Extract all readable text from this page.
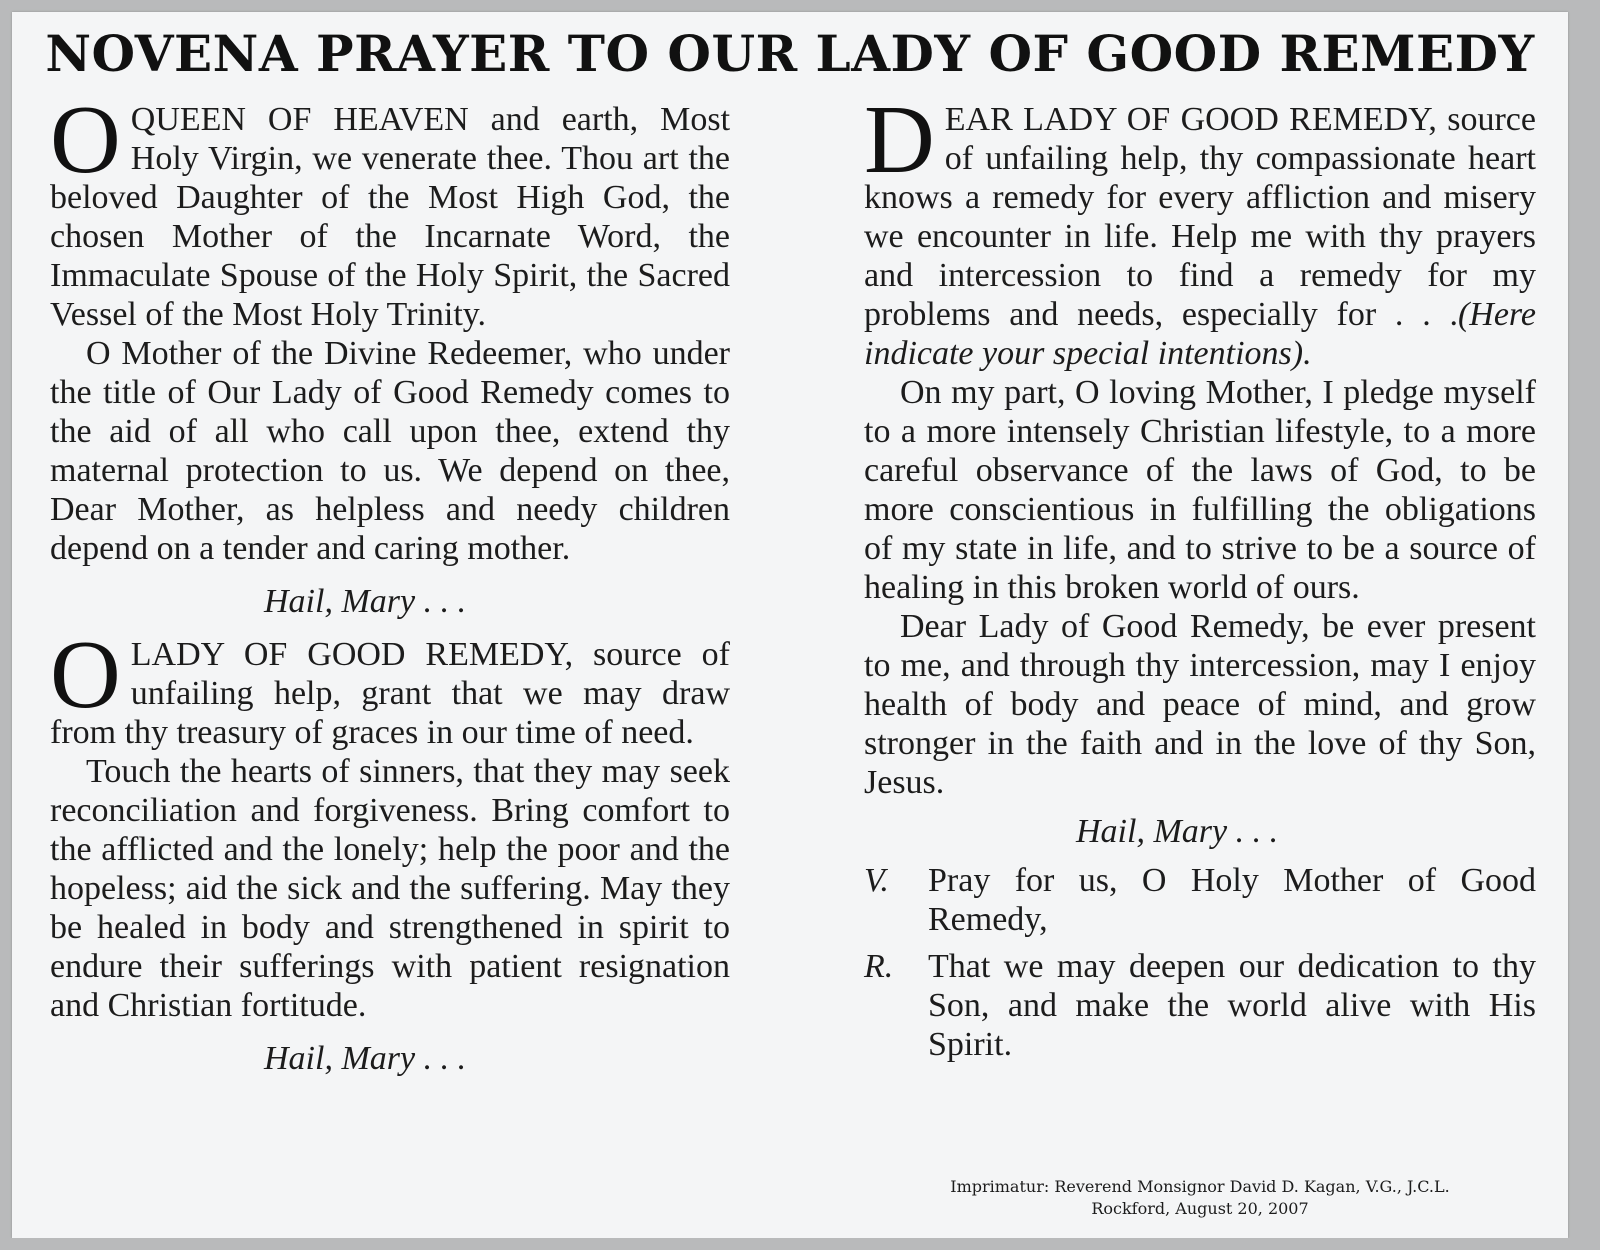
NOVENA PRAYER TO OUR LADY OF GOOD REMEDY

OQUEEN OF HEAVEN and earth, Most Holy Virgin, we venerate thee. Thou art the beloved Daughter of the Most High God, the chosen Mother of the Incarnate Word, the Immaculate Spouse of the Holy Spirit, the Sacred Vessel of the Most Holy Trinity.

O Mother of the Divine Redeemer, who under the title of Our Lady of Good Remedy comes to the aid of all who call upon thee, extend thy maternal protection to us. We depend on thee, Dear Mother, as helpless and needy children depend on a tender and caring mother.

Hail, Mary . . .

OLADY OF GOOD REMEDY, source of unfailing help, grant that we may draw from thy treasury of graces in our time of need.

Touch the hearts of sinners, that they may seek reconciliation and forgiveness. Bring comfort to the afflicted and the lonely; help the poor and the hopeless; aid the sick and the suffering. May they be healed in body and strengthened in spirit to endure their sufferings with patient resignation and Christian fortitude.

Hail, Mary . . .

DEAR LADY OF GOOD REMEDY, source of unfailing help, thy compassionate heart knows a remedy for every affliction and misery we encounter in life. Help me with thy prayers and intercession to find a remedy for my problems and needs, especially for . . .(Here indicate your special intentions).

On my part, O loving Mother, I pledge myself to a more intensely Christian lifestyle, to a more careful observance of the laws of God, to be more conscientious in fulfilling the obligations of my state in life, and to strive to be a source of healing in this broken world of ours.

Dear Lady of Good Remedy, be ever present to me, and through thy intercession, may I enjoy health of body and peace of mind, and grow stronger in the faith and in the love of thy Son, Jesus.

Hail, Mary . . .

V.	Pray for us, O Holy Mother of Good Remedy,
R.	That we may deepen our dedication to thy Son, and make the world alive with His Spirit.
Imprimatur: Reverend Monsignor David D. Kagan, V.G., J.C.L.
Rockford, August 20, 2007
